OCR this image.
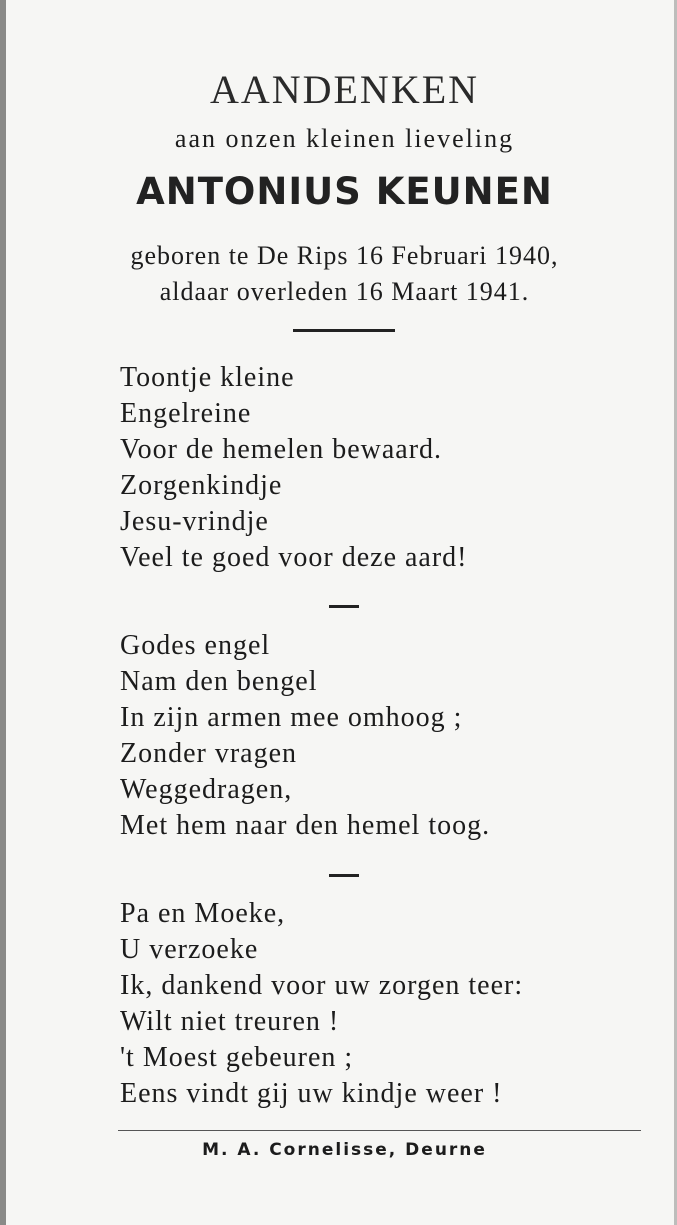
AANDENKEN
aan onzen kleinen lieveling
ANTONIUS KEUNEN
geboren te De Rips 16 Februari 1940,
aldaar overleden 16 Maart 1941.
Toontje kleine
Engelreine
Voor de hemelen bewaard.
Zorgenkindje
Jesu-vrindje
Veel te goed voor deze aard!
Godes engel
Nam den bengel
In zijn armen mee omhoog ;
Zonder vragen
Weggedragen,
Met hem naar den hemel toog.
Pa en Moeke,
U verzoeke
Ik, dankend voor uw zorgen teer:
Wilt niet treuren !
't Moest gebeuren ;
Eens vindt gij uw kindje weer !
M. A. Cornelisse, Deurne
